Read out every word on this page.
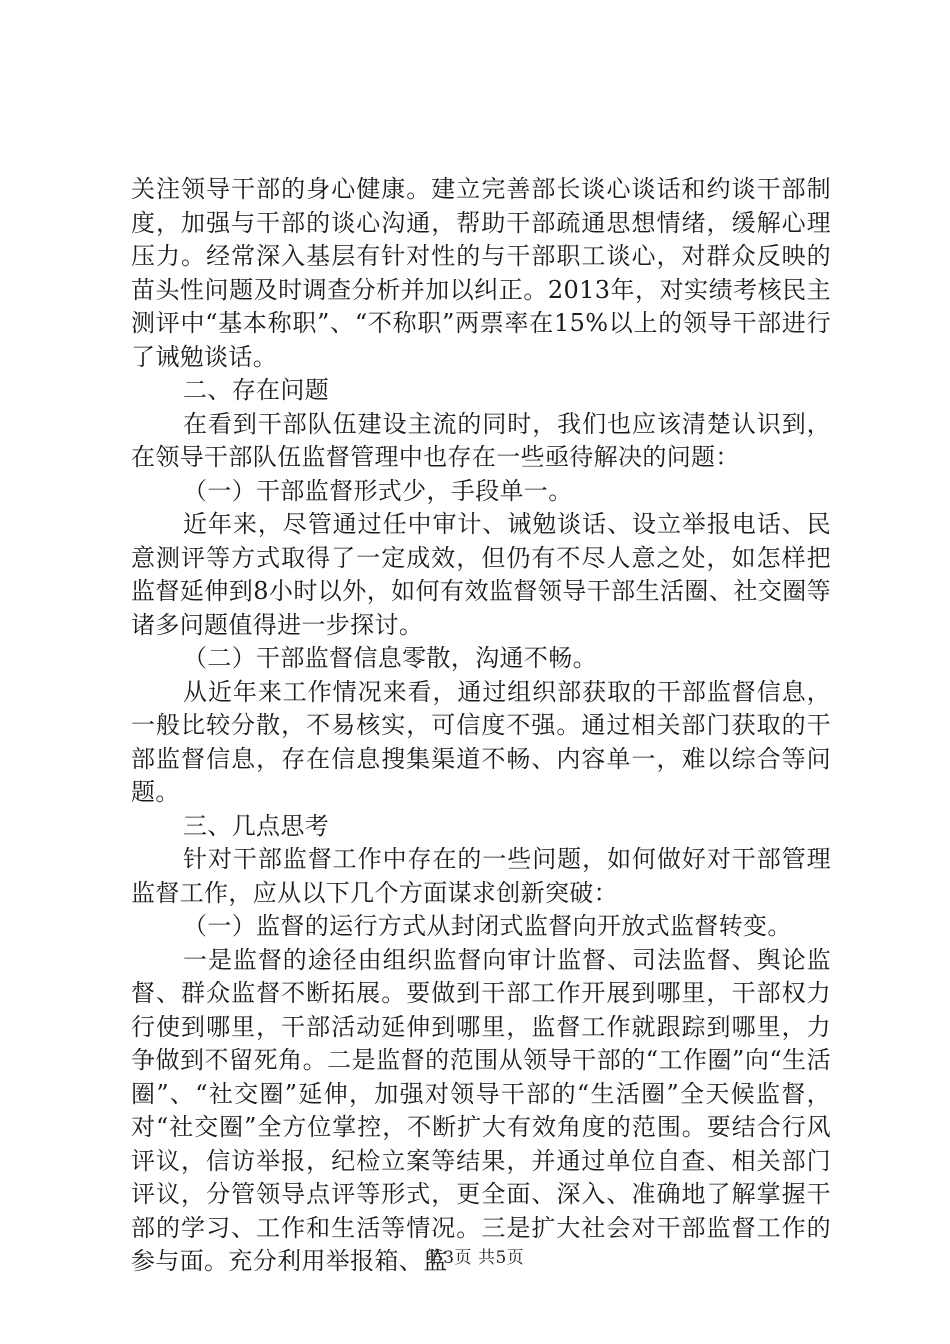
关注领导干部的身心健康。建立完善部长谈心谈话和约谈干部制度，加强与干部的谈心沟通，帮助干部疏通思想情绪，缓解心理压力。经常深入基层有针对性的与干部职工谈心，对群众反映的苗头性问题及时调查分析并加以纠正。2013年，对实绩考核民主测评中“基本称职”、“不称职”两票率在15%以上的领导干部进行了诫勉谈话。

二、存在问题

在看到干部队伍建设主流的同时，我们也应该清楚认识到，在领导干部队伍监督管理中也存在一些亟待解决的问题：

（一）干部监督形式少，手段单一。

近年来，尽管通过任中审计、诫勉谈话、设立举报电话、民意测评等方式取得了一定成效，但仍有不尽人意之处，如怎样把监督延伸到8小时以外，如何有效监督领导干部生活圈、社交圈等诸多问题值得进一步探讨。

（二）干部监督信息零散，沟通不畅。

从近年来工作情况来看，通过组织部获取的干部监督信息，一般比较分散，不易核实，可信度不强。通过相关部门获取的干部监督信息，存在信息搜集渠道不畅、内容单一，难以综合等问题。

三、几点思考

针对干部监督工作中存在的一些问题，如何做好对干部管理监督工作，应从以下几个方面谋求创新突破：

（一）监督的运行方式从封闭式监督向开放式监督转变。

一是监督的途径由组织监督向审计监督、司法监督、舆论监督、群众监督不断拓展。要做到干部工作开展到哪里，干部权力行使到哪里，干部活动延伸到哪里，监督工作就跟踪到哪里，力争做到不留死角。二是监督的范围从领导干部的“工作圈”向“生活圈”、“社交圈”延伸，加强对领导干部的“生活圈”全天候监督，对“社交圈”全方位掌控，不断扩大有效角度的范围。要结合行风评议，信访举报，纪检立案等结果，并通过单位自查、相关部门评议，分管领导点评等形式，更全面、深入、准确地了解掌握干部的学习、工作和生活等情况。三是扩大社会对干部监督工作的参与面。充分利用举报箱、监

第3页 共5页
